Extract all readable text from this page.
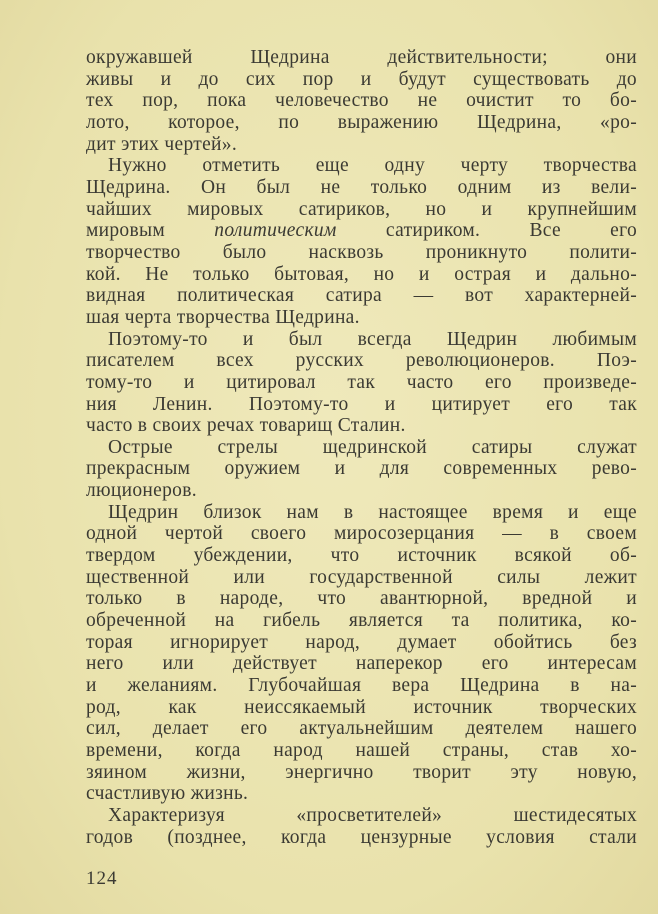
окружавшей Щедрина действительности; они
живы и до сих пор и будут существовать до
тех пор, пока человечество не очистит то бо-
лото, которое, по выражению Щедрина, «ро-
дит этих чертей».
Нужно отметить еще одну черту творчества
Щедрина. Он был не только одним из вели-
чайших мировых сатириков, но и крупнейшим
мировым политическим сатириком. Все его
творчество было насквозь проникнуто полити-
кой. Не только бытовая, но и острая и дально-
видная политическая сатира — вот характерней-
шая черта творчества Щедрина.
Поэтому-то и был всегда Щедрин любимым
писателем всех русских революционеров. Поэ-
тому-то и цитировал так часто его произведе-
ния Ленин. Поэтому-то и цитирует его так
часто в своих речах товарищ Сталин.
Острые стрелы щедринской сатиры служат
прекрасным оружием и для современных рево-
люционеров.
Щедрин близок нам в настоящее время и еще
одной чертой своего миросозерцания — в своем
твердом убеждении, что источник всякой об-
щественной или государственной силы лежит
только в народе, что авантюрной, вредной и
обреченной на гибель является та политика, ко-
торая игнорирует народ, думает обойтись без
него или действует наперекор его интересам
и желаниям. Глубочайшая вера Щедрина в на-
род, как неиссякаемый источник творческих
сил, делает его актуальнейшим деятелем нашего
времени, когда народ нашей страны, став хо-
зяином жизни, энергично творит эту новую,
счастливую жизнь.
Характеризуя «просветителей» шестидесятых
годов (позднее, когда цензурные условия стали
124
